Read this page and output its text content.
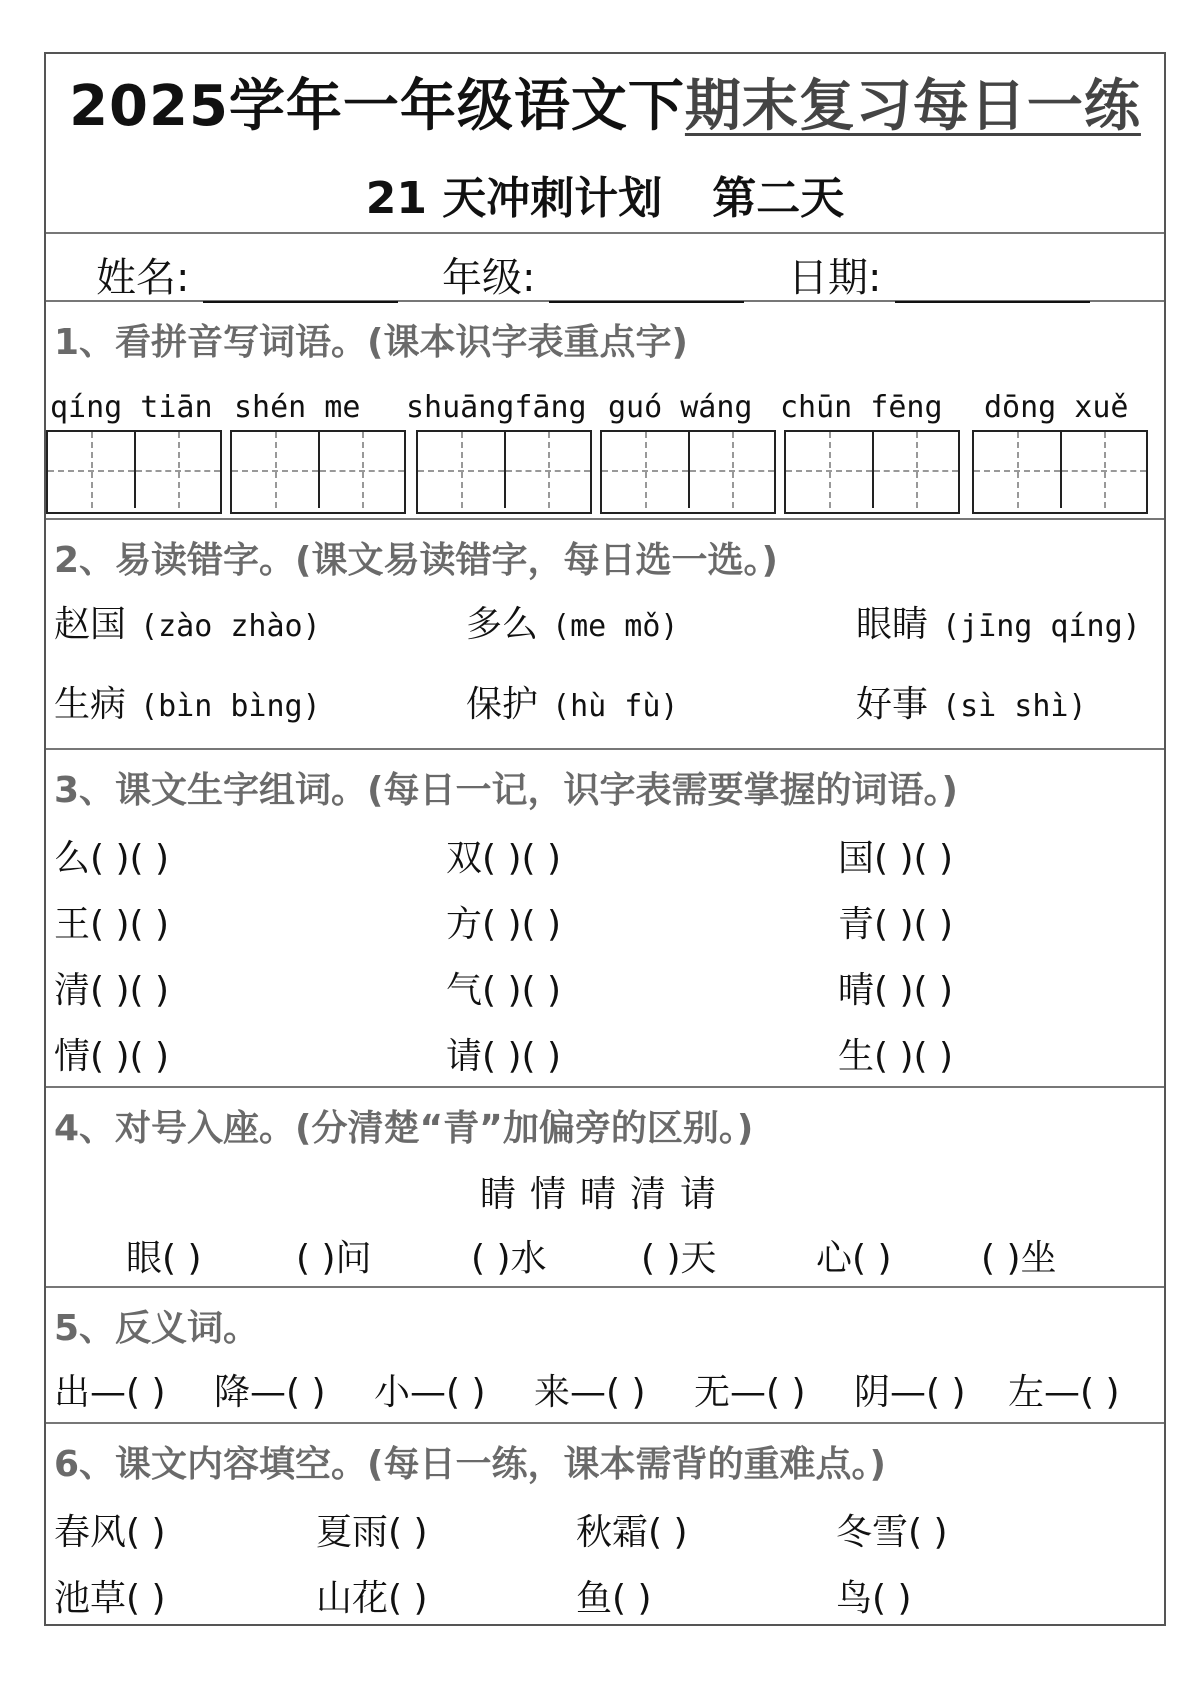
2025学年一年级语文下期末复习每日一练
21 天冲刺计划 第二天
姓名:	年级:	日期:
1、看拼音写词语。(课本识字表重点字)
qíng tiān shén me shuāngfāng guó wáng chūn fēng dōng xuě
2、易读错字。(课文易读错字，每日选一选。)
赵国 (zào zhào)	多么 (me mǒ)	眼睛 (jīng qíng)
生病 (bìn bìng)	保护 (hù fù)	好事 (sì shì)
3、课文生字组词。(每日一记，识字表需要掌握的词语。)
么( )( )	双( )( )	国( )( )
王( )( )	方( )( )	青( )( )
清( )( )	气( )( )	晴( )( )
情( )( )	请( )( )	生( )( )
4、对号入座。(分清楚“青”加偏旁的区别。)
睛情晴清请
眼( )	( )问	( )水	( )天	心( ) ( )坐
5、反义词。
出—( ) 降—( ) 小—( ) 来—( ) 无—( ) 阴—( ) 左—( )
6、课文内容填空。(每日一练，课本需背的重难点。)
春风( )	夏雨( )	秋霜( )	冬雪( )
池草( )	山花( )	鱼( )	鸟( )
